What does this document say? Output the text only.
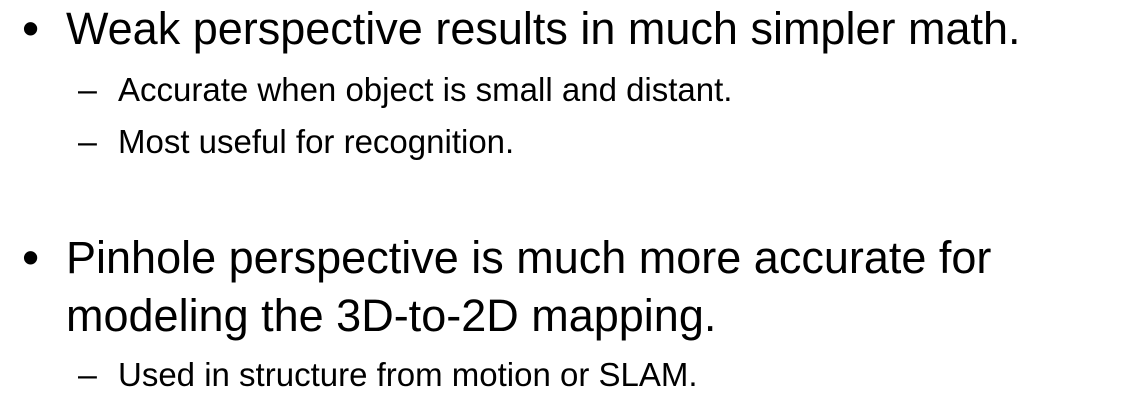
• Weak perspective results in much simpler math.
– Accurate when object is small and distant.
– Most useful for recognition.
• Pinhole perspective is much more accurate for modeling the 3D-to-2D mapping.
– Used in structure from motion or SLAM.
